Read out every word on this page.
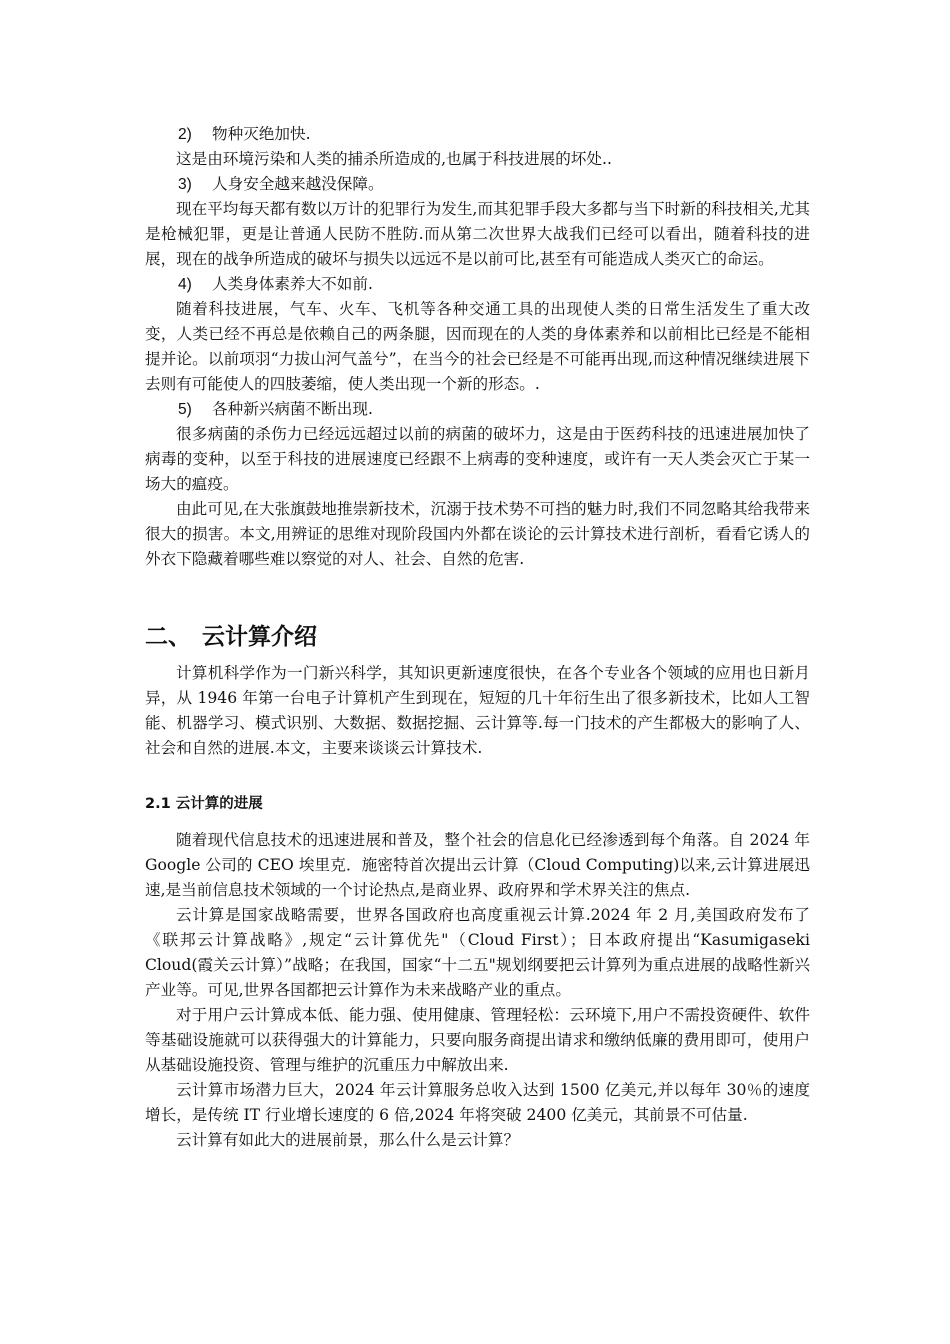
2) 物种灭绝加快.

这是由环境污染和人类的捕杀所造成的,也属于科技进展的坏处..

3) 人身安全越来越没保障。

现在平均每天都有数以万计的犯罪行为发生,而其犯罪手段大多都与当下时新的科技相关,尤其是枪械犯罪，更是让普通人民防不胜防.而从第二次世界大战我们已经可以看出，随着科技的进展，现在的战争所造成的破坏与损失以远远不是以前可比,甚至有可能造成人类灭亡的命运。

4) 人类身体素养大不如前.

随着科技进展，气车、火车、飞机等各种交通工具的出现使人类的日常生活发生了重大改变，人类已经不再总是依赖自己的两条腿，因而现在的人类的身体素养和以前相比已经是不能相提并论。以前项羽“力拔山河气盖兮”，在当今的社会已经是不可能再出现,而这种情况继续进展下去则有可能使人的四肢萎缩，使人类出现一个新的形态。.

5) 各种新兴病菌不断出现.

很多病菌的杀伤力已经远远超过以前的病菌的破坏力，这是由于医药科技的迅速进展加快了病毒的变种，以至于科技的进展速度已经跟不上病毒的变种速度，或许有一天人类会灭亡于某一场大的瘟疫。

由此可见,在大张旗鼓地推崇新技术，沉溺于技术势不可挡的魅力时,我们不同忽略其给我带来很大的损害。本文,用辨证的思维对现阶段国内外都在谈论的云计算技术进行剖析，看看它诱人的外衣下隐藏着哪些难以察觉的对人、社会、自然的危害.

二、 云计算介绍

计算机科学作为一门新兴科学，其知识更新速度很快，在各个专业各个领域的应用也日新月异，从 1946 年第一台电子计算机产生到现在，短短的几十年衍生出了很多新技术，比如人工智能、机器学习、模式识别、大数据、数据挖掘、云计算等.每一门技术的产生都极大的影响了人、社会和自然的进展.本文，主要来谈谈云计算技术.

2.1 云计算的进展

随着现代信息技术的迅速进展和普及，整个社会的信息化已经渗透到每个角落。自 2024 年 Google 公司的 CEO 埃里克．施密特首次提出云计算（Cloud Computing)以来,云计算进展迅速,是当前信息技术领域的一个讨论热点,是商业界、政府界和学术界关注的焦点.

云计算是国家战略需要，世界各国政府也高度重视云计算.2024 年 2 月,美国政府发布了《联邦云计算战略》,规定“云计算优先"（Cloud First）；日本政府提出“Kasumigaseki Cloud(霞关云计算）”战略；在我国，国家“十二五"规划纲要把云计算列为重点进展的战略性新兴产业等。可见,世界各国都把云计算作为未来战略产业的重点。

对于用户云计算成本低、能力强、使用健康、管理轻松：云环境下,用户不需投资硬件、软件等基础设施就可以获得强大的计算能力，只要向服务商提出请求和缴纳低廉的费用即可，使用户从基础设施投资、管理与维护的沉重压力中解放出来.

云计算市场潜力巨大，2024 年云计算服务总收入达到 1500 亿美元,并以每年 30％的速度增长，是传统 IT 行业增长速度的 6 倍,2024 年将突破 2400 亿美元，其前景不可估量.

云计算有如此大的进展前景，那么什么是云计算？
